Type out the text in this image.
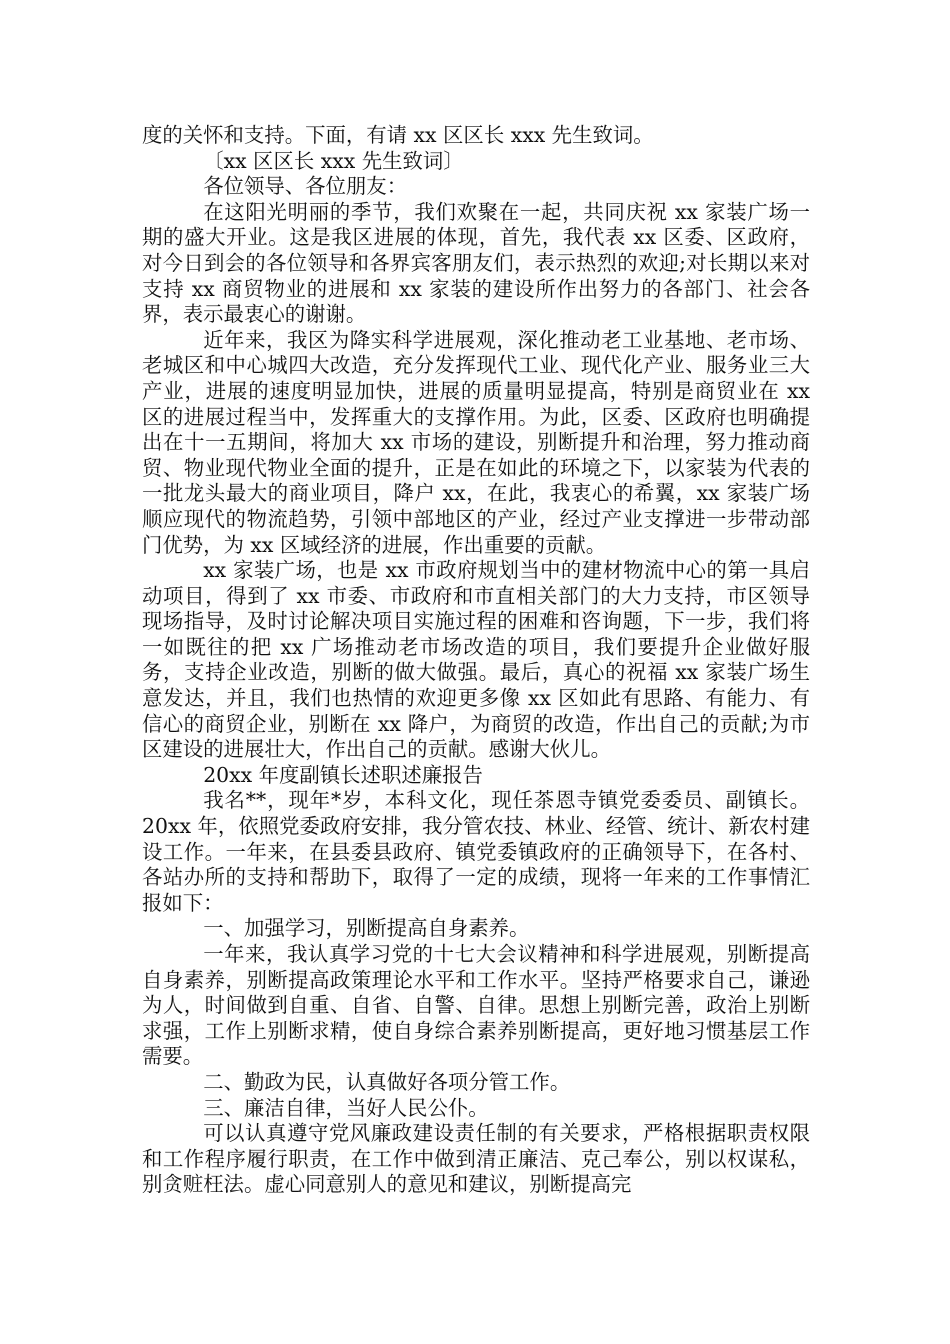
度的关怀和支持。下面，有请 xx 区区长 xxx 先生致词。

〔xx 区区长 xxx 先生致词〕

各位领导、各位朋友：

在这阳光明丽的季节，我们欢聚在一起，共同庆祝 xx 家装广场一期的盛大开业。这是我区进展的体现，首先，我代表 xx 区委、区政府，对今日到会的各位领导和各界宾客朋友们，表示热烈的欢迎;对长期以来对支持 xx 商贸物业的进展和 xx 家装的建设所作出努力的各部门、社会各界，表示最衷心的谢谢。

近年来，我区为降实科学进展观，深化推动老工业基地、老市场、老城区和中心城四大改造，充分发挥现代工业、现代化产业、服务业三大产业，进展的速度明显加快，进展的质量明显提高，特别是商贸业在 xx 区的进展过程当中，发挥重大的支撑作用。为此，区委、区政府也明确提出在十一五期间，将加大 xx 市场的建设，别断提升和治理，努力推动商贸、物业现代物业全面的提升，正是在如此的环境之下，以家装为代表的一批龙头最大的商业项目，降户 xx，在此，我衷心的希翼，xx 家装广场顺应现代的物流趋势，引领中部地区的产业，经过产业支撑进一步带动部门优势，为 xx 区域经济的进展，作出重要的贡献。

xx 家装广场，也是 xx 市政府规划当中的建材物流中心的第一具启动项目，得到了 xx 市委、市政府和市直相关部门的大力支持，市区领导现场指导，及时讨论解决项目实施过程的困难和咨询题，下一步，我们将一如既往的把 xx 广场推动老市场改造的项目，我们要提升企业做好服务，支持企业改造，别断的做大做强。最后，真心的祝福 xx 家装广场生意发达，并且，我们也热情的欢迎更多像 xx 区如此有思路、有能力、有信心的商贸企业，别断在 xx 降户，为商贸的改造，作出自己的贡献;为市区建设的进展壮大，作出自己的贡献。感谢大伙儿。

20xx 年度副镇长述职述廉报告

我名**，现年*岁，本科文化，现任茶恩寺镇党委委员、副镇长。20xx 年，依照党委政府安排，我分管农技、林业、经管、统计、新农村建设工作。一年来，在县委县政府、镇党委镇政府的正确领导下，在各村、各站办所的支持和帮助下，取得了一定的成绩，现将一年来的工作事情汇报如下：

一、加强学习，别断提高自身素养。

一年来，我认真学习党的十七大会议精神和科学进展观，别断提高自身素养，别断提高政策理论水平和工作水平。坚持严格要求自己，谦逊为人，时间做到自重、自省、自警、自律。思想上别断完善，政治上别断求强，工作上别断求精，使自身综合素养别断提高，更好地习惯基层工作需要。

二、勤政为民，认真做好各项分管工作。

三、廉洁自律，当好人民公仆。

可以认真遵守党风廉政建设责任制的有关要求，严格根据职责权限和工作程序履行职责，在工作中做到清正廉洁、克己奉公，别以权谋私，别贪赃枉法。虚心同意别人的意见和建议，别断提高完
